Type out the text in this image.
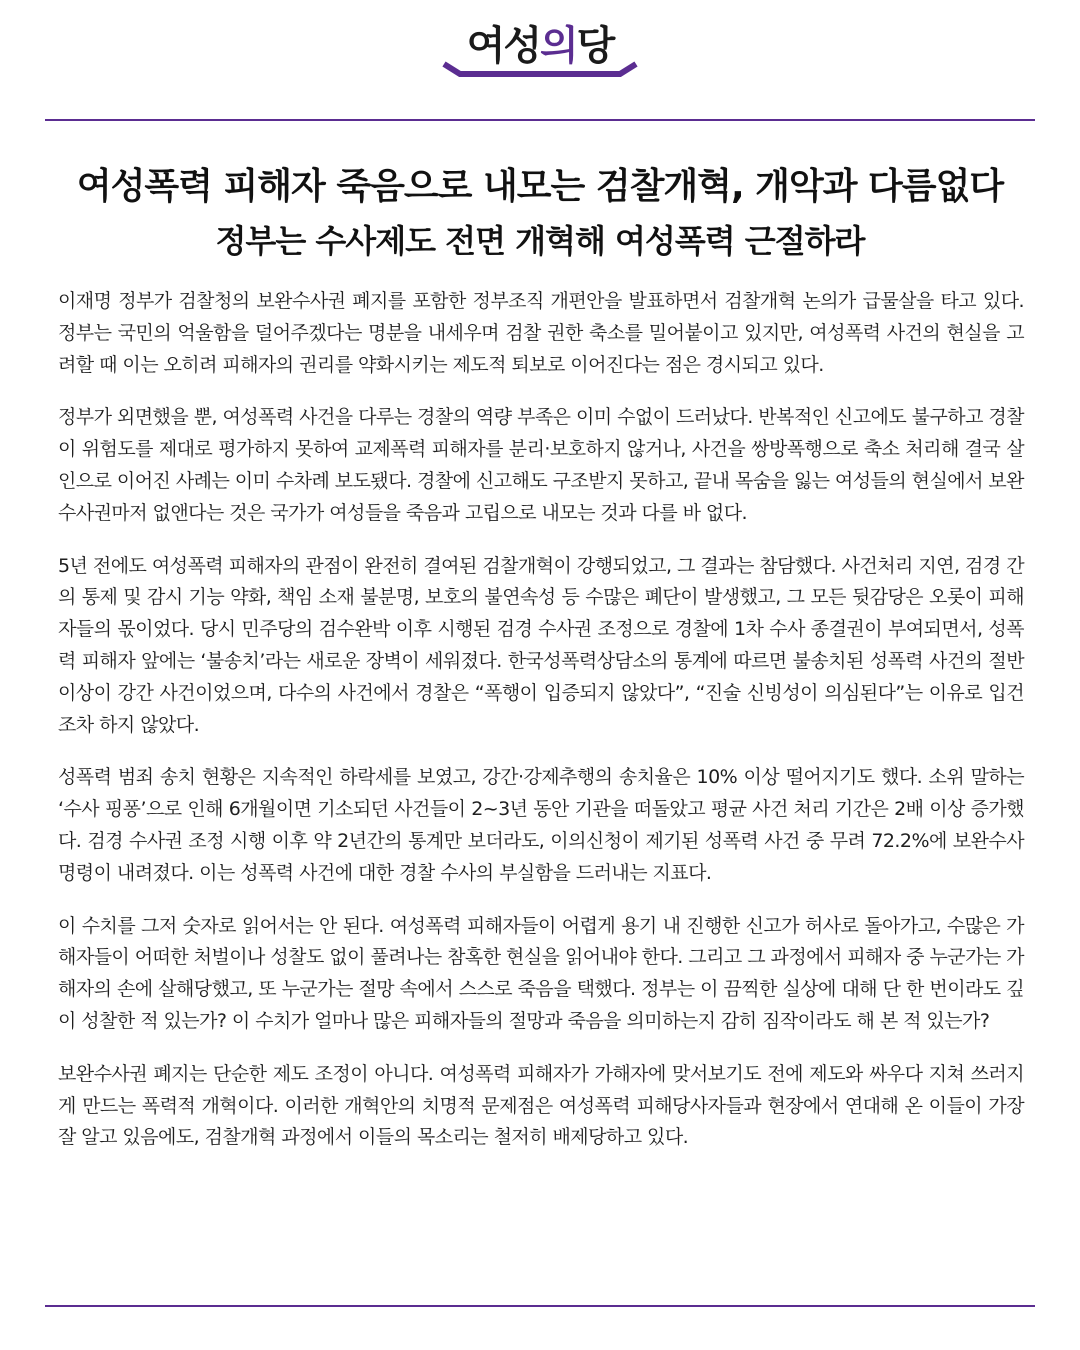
여성의당
여성폭력 피해자 죽음으로 내모는 검찰개혁, 개악과 다름없다
정부는 수사제도 전면 개혁해 여성폭력 근절하라

이재명 정부가 검찰청의 보완수사권 폐지를 포함한 정부조직 개편안을 발표하면서 검찰개혁 논의가 급물살을 타고 있다. 정부는 국민의 억울함을 덜어주겠다는 명분을 내세우며 검찰 권한 축소를 밀어붙이고 있지만, 여성폭력 사건의 현실을 고려할 때 이는 오히려 피해자의 권리를 약화시키는 제도적 퇴보로 이어진다는 점은 경시되고 있다.

정부가 외면했을 뿐, 여성폭력 사건을 다루는 경찰의 역량 부족은 이미 수없이 드러났다. 반복적인 신고에도 불구하고 경찰이 위험도를 제대로 평가하지 못하여 교제폭력 피해자를 분리·보호하지 않거나, 사건을 쌍방폭행으로 축소 처리해 결국 살인으로 이어진 사례는 이미 수차례 보도됐다. 경찰에 신고해도 구조받지 못하고, 끝내 목숨을 잃는 여성들의 현실에서 보완수사권마저 없앤다는 것은 국가가 여성들을 죽음과 고립으로 내모는 것과 다를 바 없다.

5년 전에도 여성폭력 피해자의 관점이 완전히 결여된 검찰개혁이 강행되었고, 그 결과는 참담했다. 사건처리 지연, 검경 간의 통제 및 감시 기능 약화, 책임 소재 불분명, 보호의 불연속성 등 수많은 폐단이 발생했고, 그 모든 뒷감당은 오롯이 피해자들의 몫이었다. 당시 민주당의 검수완박 이후 시행된 검경 수사권 조정으로 경찰에 1차 수사 종결권이 부여되면서, 성폭력 피해자 앞에는 ‘불송치’라는 새로운 장벽이 세워졌다. 한국성폭력상담소의 통계에 따르면 불송치된 성폭력 사건의 절반 이상이 강간 사건이었으며, 다수의 사건에서 경찰은 “폭행이 입증되지 않았다”, “진술 신빙성이 의심된다”는 이유로 입건조차 하지 않았다.

성폭력 범죄 송치 현황은 지속적인 하락세를 보였고, 강간·강제추행의 송치율은 10% 이상 떨어지기도 했다. 소위 말하는 ‘수사 핑퐁’으로 인해 6개월이면 기소되던 사건들이 2~3년 동안 기관을 떠돌았고 평균 사건 처리 기간은 2배 이상 증가했다. 검경 수사권 조정 시행 이후 약 2년간의 통계만 보더라도, 이의신청이 제기된 성폭력 사건 중 무려 72.2%에 보완수사 명령이 내려졌다. 이는 성폭력 사건에 대한 경찰 수사의 부실함을 드러내는 지표다.

이 수치를 그저 숫자로 읽어서는 안 된다. 여성폭력 피해자들이 어렵게 용기 내 진행한 신고가 허사로 돌아가고, 수많은 가해자들이 어떠한 처벌이나 성찰도 없이 풀려나는 참혹한 현실을 읽어내야 한다. 그리고 그 과정에서 피해자 중 누군가는 가해자의 손에 살해당했고, 또 누군가는 절망 속에서 스스로 죽음을 택했다. 정부는 이 끔찍한 실상에 대해 단 한 번이라도 깊이 성찰한 적 있는가? 이 수치가 얼마나 많은 피해자들의 절망과 죽음을 의미하는지 감히 짐작이라도 해 본 적 있는가?

보완수사권 폐지는 단순한 제도 조정이 아니다. 여성폭력 피해자가 가해자에 맞서보기도 전에 제도와 싸우다 지쳐 쓰러지게 만드는 폭력적 개혁이다. 이러한 개혁안의 치명적 문제점은 여성폭력 피해당사자들과 현장에서 연대해 온 이들이 가장 잘 알고 있음에도, 검찰개혁 과정에서 이들의 목소리는 철저히 배제당하고 있다.
